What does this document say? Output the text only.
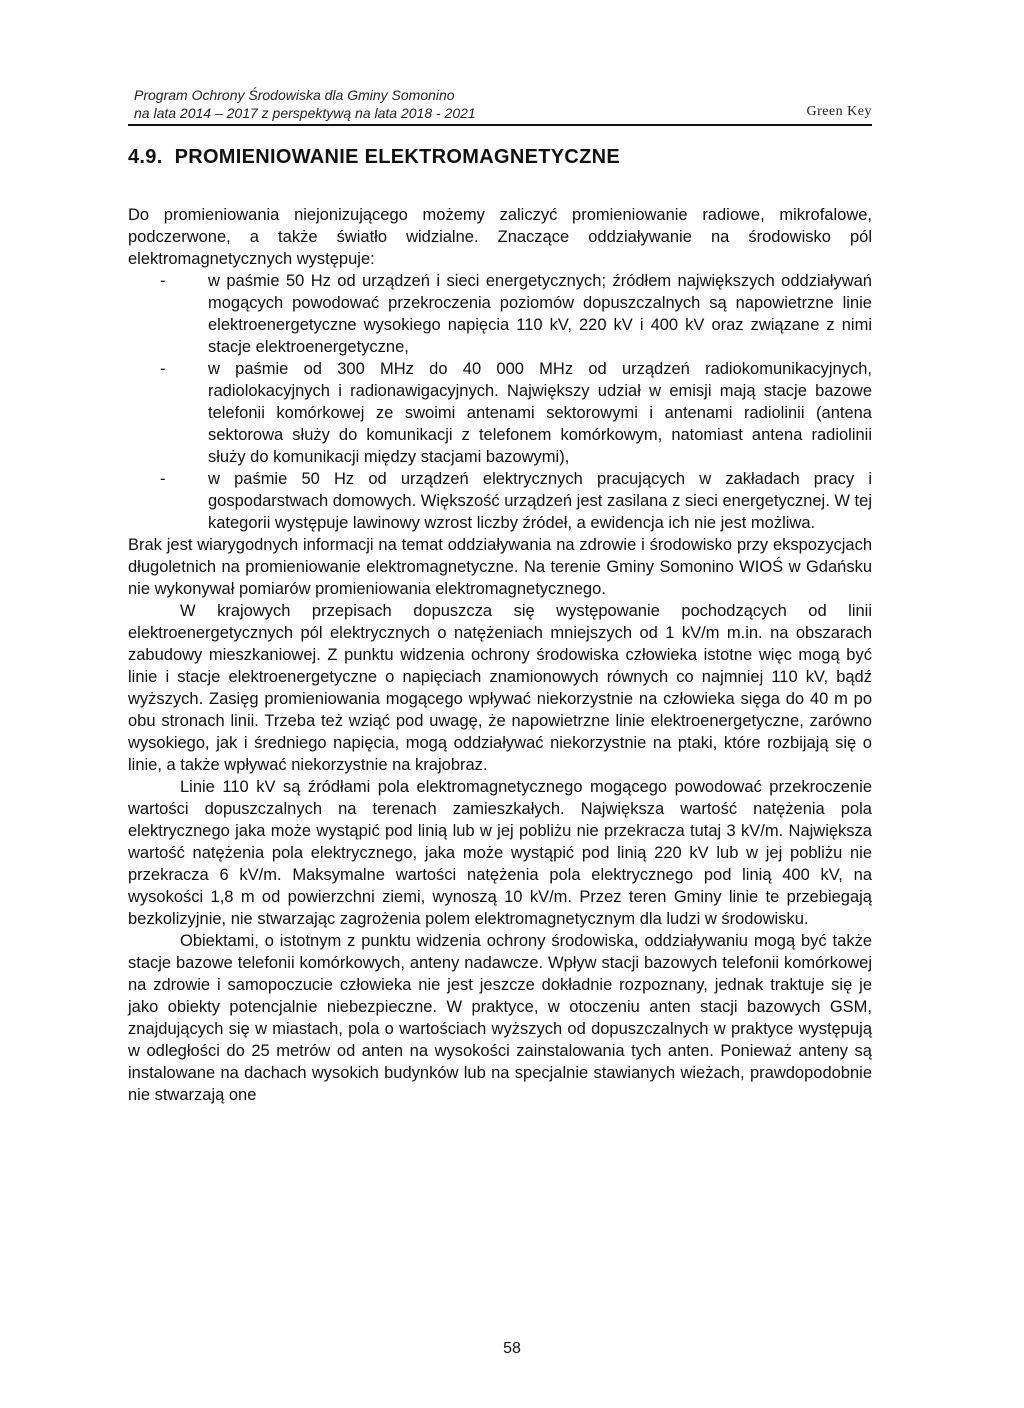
Program Ochrony Środowiska dla Gminy Somonino
na lata 2014 – 2017 z perspektywą na lata 2018 - 2021	Green Key
4.9. PROMIENIOWANIE ELEKTROMAGNETYCZNE

Do promieniowania niejonizującego możemy zaliczyć promieniowanie radiowe, mikrofalowe, podczerwone, a także światło widzialne. Znaczące oddziaływanie na środowisko pól elektromagnetycznych występuje:

- w paśmie 50 Hz od urządzeń i sieci energetycznych; źródłem największych oddziaływań mogących powodować przekroczenia poziomów dopuszczalnych są napowietrzne linie elektroenergetyczne wysokiego napięcia 110 kV, 220 kV i 400 kV oraz związane z nimi stacje elektroenergetyczne,
- w paśmie od 300 MHz do 40 000 MHz od urządzeń radiokomunikacyjnych, radiolokacyjnych i radionawigacyjnych. Największy udział w emisji mają stacje bazowe telefonii komórkowej ze swoimi antenami sektorowymi i antenami radiolinii (antena sektorowa służy do komunikacji z telefonem komórkowym, natomiast antena radiolinii służy do komunikacji między stacjami bazowymi),
- w paśmie 50 Hz od urządzeń elektrycznych pracujących w zakładach pracy i gospodarstwach domowych. Większość urządzeń jest zasilana z sieci energetycznej. W tej kategorii występuje lawinowy wzrost liczby źródeł, a ewidencja ich nie jest możliwa.

Brak jest wiarygodnych informacji na temat oddziaływania na zdrowie i środowisko przy ekspozycjach długoletnich na promieniowanie elektromagnetyczne. Na terenie Gminy Somonino WIOŚ w Gdańsku nie wykonywał pomiarów promieniowania elektromagnetycznego.

W krajowych przepisach dopuszcza się występowanie pochodzących od linii elektroenergetycznych pól elektrycznych o natężeniach mniejszych od 1 kV/m m.in. na obszarach zabudowy mieszkaniowej. Z punktu widzenia ochrony środowiska człowieka istotne więc mogą być linie i stacje elektroenergetyczne o napięciach znamionowych równych co najmniej 110 kV, bądź wyższych. Zasięg promieniowania mogącego wpływać niekorzystnie na człowieka sięga do 40 m po obu stronach linii. Trzeba też wziąć pod uwagę, że napowietrzne linie elektroenergetyczne, zarówno wysokiego, jak i średniego napięcia, mogą oddziaływać niekorzystnie na ptaki, które rozbijają się o linie, a także wpływać niekorzystnie na krajobraz.

Linie 110 kV są źródłami pola elektromagnetycznego mogącego powodować przekroczenie wartości dopuszczalnych na terenach zamieszkałych. Największa wartość natężenia pola elektrycznego jaka może wystąpić pod linią lub w jej pobliżu nie przekracza tutaj 3 kV/m. Największa wartość natężenia pola elektrycznego, jaka może wystąpić pod linią 220 kV lub w jej pobliżu nie przekracza 6 kV/m. Maksymalne wartości natężenia pola elektrycznego pod linią 400 kV, na wysokości 1,8 m od powierzchni ziemi, wynoszą 10 kV/m. Przez teren Gminy linie te przebiegają bezkolizyjnie, nie stwarzając zagrożenia polem elektromagnetycznym dla ludzi w środowisku.

Obiektami, o istotnym z punktu widzenia ochrony środowiska, oddziaływaniu mogą być także stacje bazowe telefonii komórkowych, anteny nadawcze. Wpływ stacji bazowych telefonii komórkowej na zdrowie i samopoczucie człowieka nie jest jeszcze dokładnie rozpoznany, jednak traktuje się je jako obiekty potencjalnie niebezpieczne. W praktyce, w otoczeniu anten stacji bazowych GSM, znajdujących się w miastach, pola o wartościach wyższych od dopuszczalnych w praktyce występują w odległości do 25 metrów od anten na wysokości zainstalowania tych anten. Ponieważ anteny są instalowane na dachach wysokich budynków lub na specjalnie stawianych wieżach, prawdopodobnie nie stwarzają one

58
